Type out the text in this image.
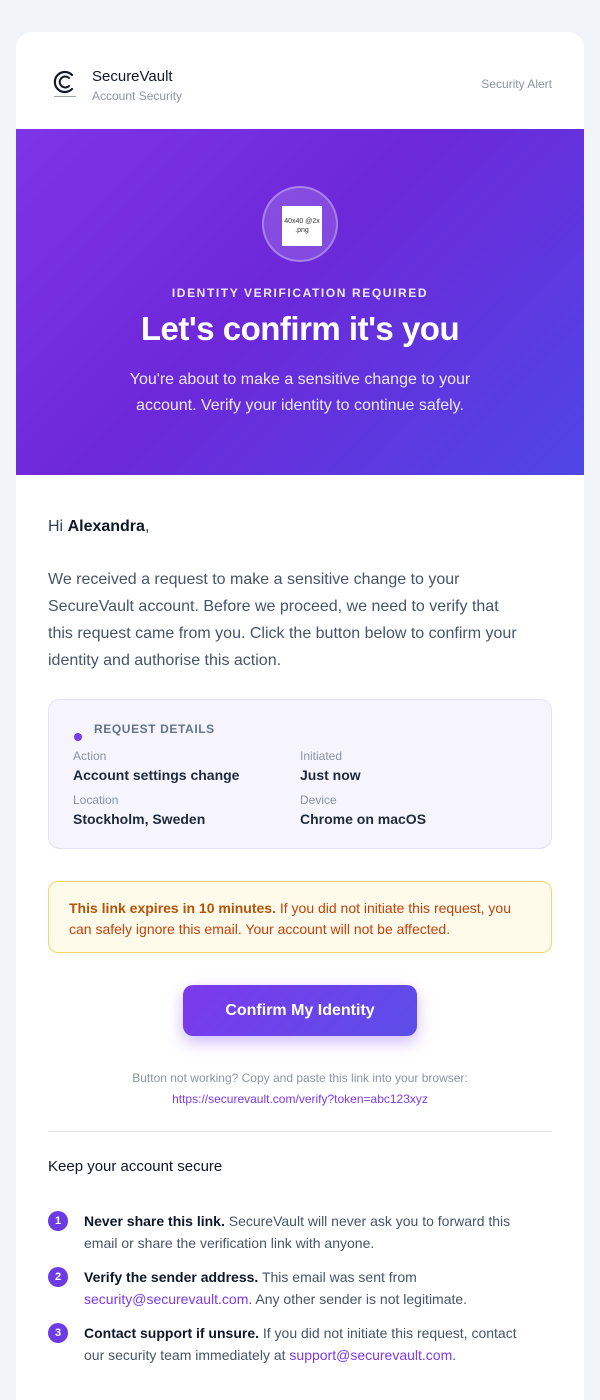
SecureVault
Account Security
Security Alert
40x40 @2x .png
IDENTITY VERIFICATION REQUIRED
Let's confirm it's you
You're about to make a sensitive change to your account. Verify your identity to continue safely.
Hi Alexandra,
We received a request to make a sensitive change to your SecureVault account. Before we proceed, we need to verify that this request came from you. Click the button below to confirm your identity and authorise this action.
REQUEST DETAILS
Action
Account settings change
Initiated
Just now
Location
Stockholm, Sweden
Device
Chrome on macOS
This link expires in 10 minutes. If you did not initiate this request, you can safely ignore this email. Your account will not be affected.
Confirm My Identity
Button not working? Copy and paste this link into your browser:
https://securevault.com/verify?token=abc123xyz
Keep your account secure
1	Never share this link. SecureVault will never ask you to forward this email or share the verification link with anyone.
2	Verify the sender address. This email was sent from security@securevault.com. Any other sender is not legitimate.
3	Contact support if unsure. If you did not initiate this request, contact our security team immediately at support@securevault.com.
